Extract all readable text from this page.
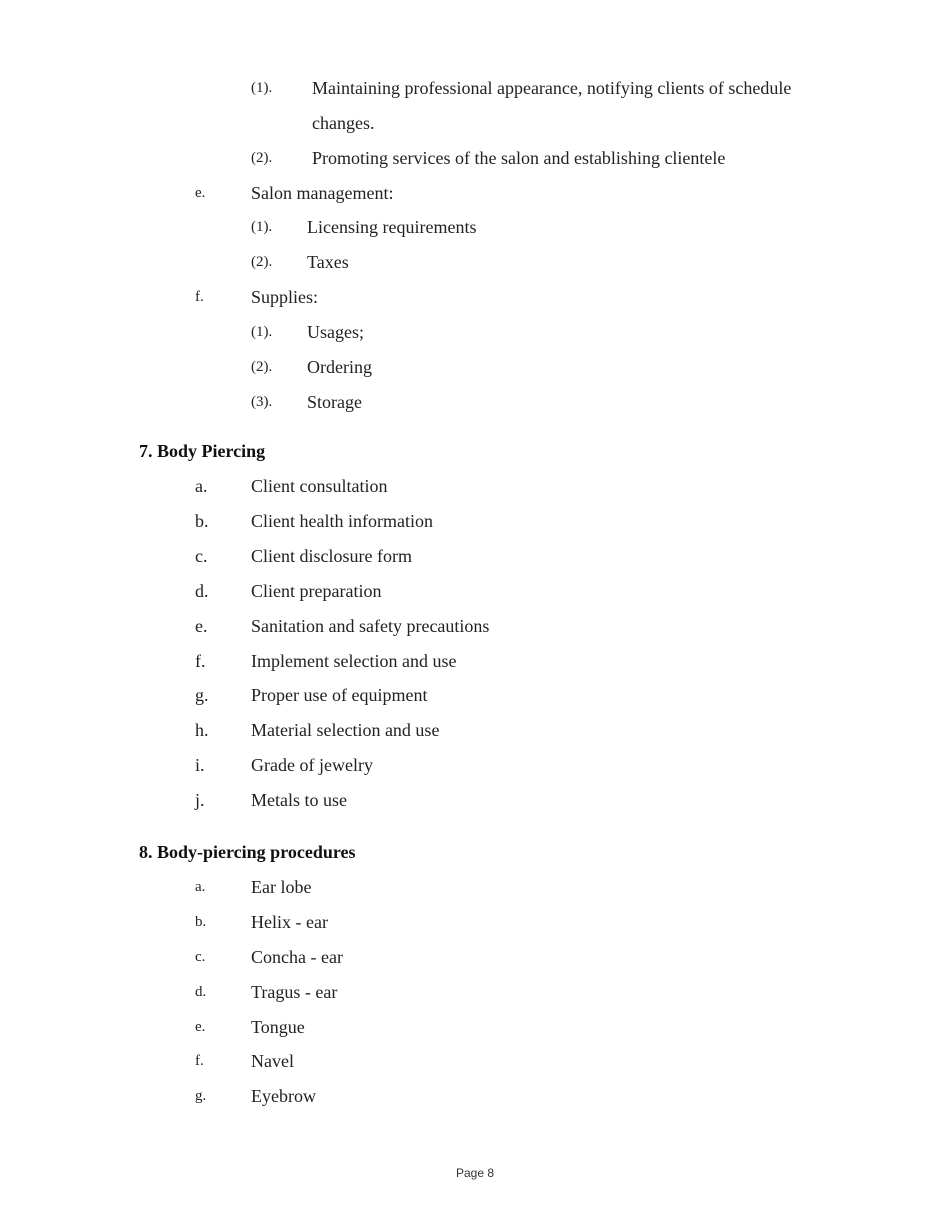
(1). Maintaining professional appearance, notifying clients of schedule
changes.
(2). Promoting services of the salon and establishing clientele
e.	Salon management:
(1). Licensing requirements
(2). Taxes
f.	Supplies:
(1). Usages;
(2). Ordering
(3). Storage
7. Body Piercing
a. Client consultation
b. Client health information
c. Client disclosure form
d. Client preparation
e. Sanitation and safety precautions
f.	Implement selection and use
g. Proper use of equipment
h. Material selection and use
i.	Grade of jewelry
j.	Metals to use
8. Body-piercing procedures
a.	Ear lobe
b. Helix - ear
c.	Concha - ear
d. Tragus - ear
e.	Tongue
f.	Navel
g. Eyebrow
Page 8
